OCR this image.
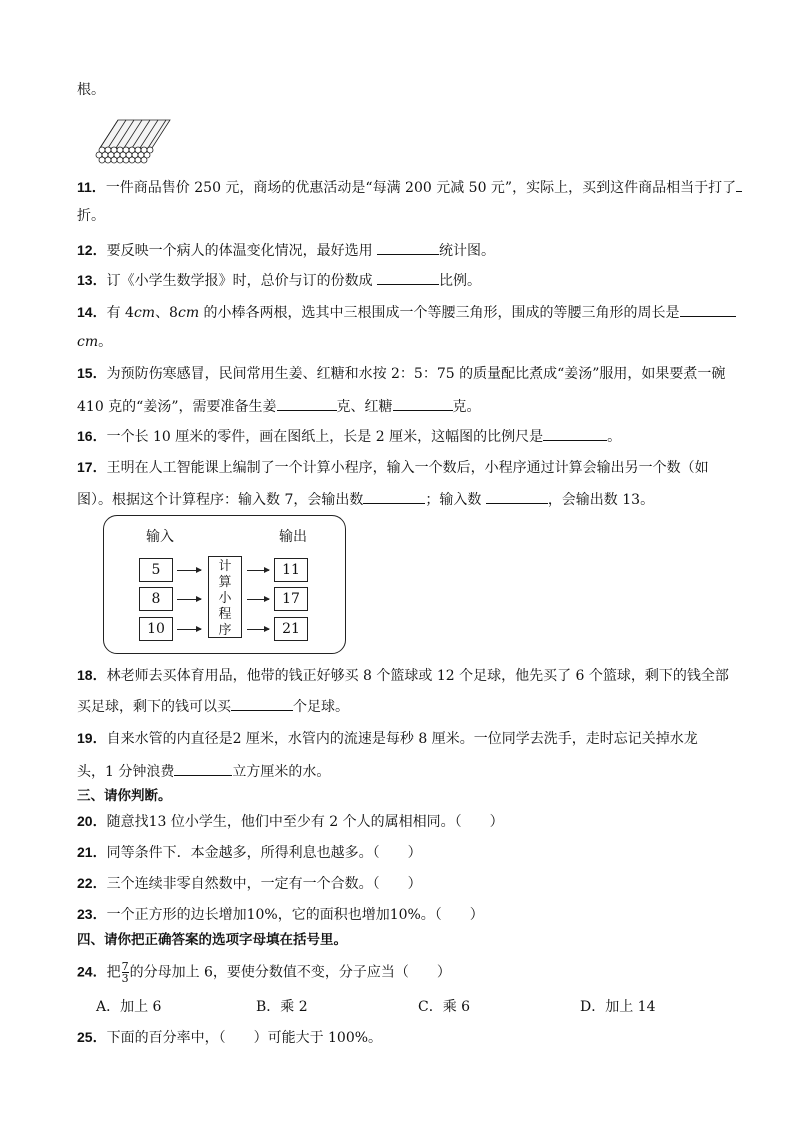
根。
11．一件商品售价 250 元，商场的优惠活动是“每满 200 元减 50 元”，实际上，买到这件商品相当于打了
折。
12．要反映一个病人的体温变化情况，最好选用	统计图。
13．订《小学生数学报》时，总价与订的份数成	比例。
14．有 4cm、8cm 的小棒各两根，选其中三根围成一个等腰三角形，围成的等腰三角形的周长是
cm。
15．为预防伤寒感冒，民间常用生姜、红糖和水按 2：5：75 的质量配比煮成“姜汤”服用，如果要煮一碗
410 克的“姜汤”，需要准备生姜	克、红糖	克。
16．一个长 10 厘米的零件，画在图纸上，长是 2 厘米，这幅图的比例尺是	。
17．王明在人工智能课上编制了一个计算小程序，输入一个数后，小程序通过计算会输出另一个数（如
图）。根据这个计算程序：输入数 7，会输出数	；输入数	，会输出数 13。
输入	输出
5
8
10
计
算
小
程
序
11
17
21
18．林老师去买体育用品，他带的钱正好够买 8 个篮球或 12 个足球，他先买了 6 个篮球，剩下的钱全部
买足球，剩下的钱可以买	个足球。
19．自来水管的内直径是2 厘米，水管内的流速是每秒 8 厘米。一位同学去洗手，走时忘记关掉水龙
头，1 分钟浪费	立方厘米的水。
三、请你判断。
20．随意找13 位小学生，他们中至少有 2 个人的属相相同。（　　）
21．同等条件下．本金越多，所得利息也越多。（　　）
22．三个连续非零自然数中，一定有一个合数。（　　）
23．一个正方形的边长增加10%，它的面积也增加10%。（　　）
四、请你把正确答案的选项字母填在括号里。
24．把 $\frac{7}{3}$ 的分母加上 6，要使分数值不变，分子应当（　　）
A．加上 6	B．乘 2	C．乘 6	D．加上 14
25．下面的百分率中，（　　）可能大于 100%。
